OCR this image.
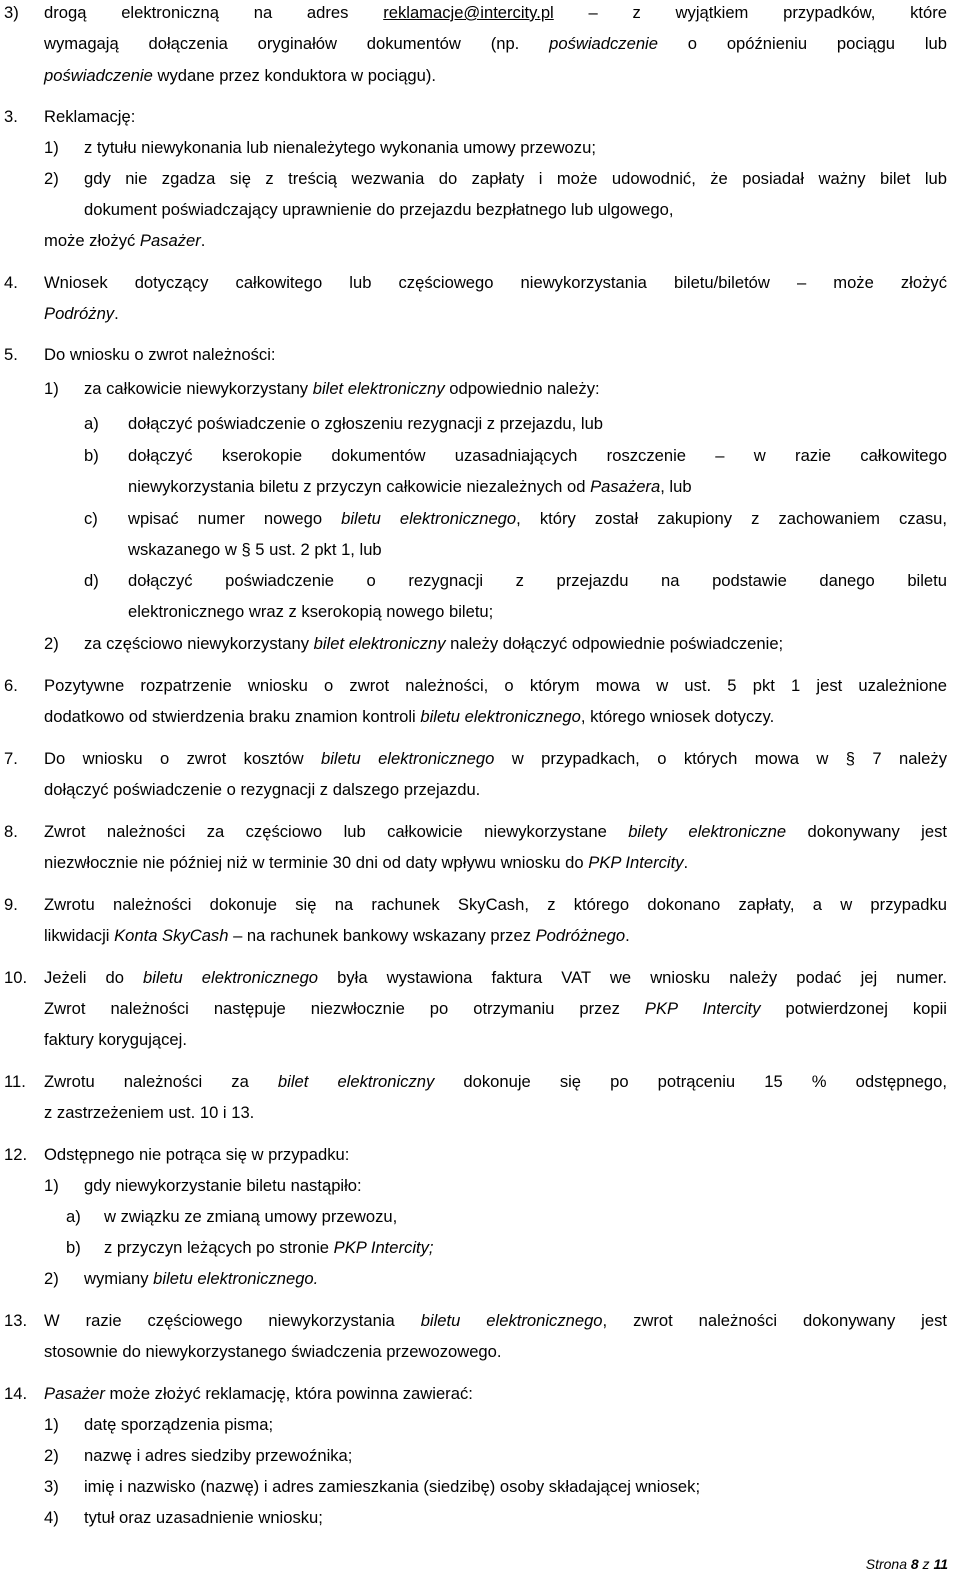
3) drogą elektroniczną na adres reklamacje@intercity.pl – z wyjątkiem przypadków, które
wymagają dołączenia oryginałów dokumentów (np. poświadczenie o opóźnieniu pociągu lub
poświadczenie wydane przez konduktora w pociągu).
3. Reklamację:
1) z tytułu niewykonania lub nienależytego wykonania umowy przewozu;
2) gdy nie zgadza się z treścią wezwania do zapłaty i może udowodnić, że posiadał ważny bilet lub
dokument poświadczający uprawnienie do przejazdu bezpłatnego lub ulgowego,
może złożyć Pasażer.
4. Wniosek dotyczący całkowitego lub częściowego niewykorzystania biletu/biletów – może złożyć
Podróżny.
5. Do wniosku o zwrot należności:
1) za całkowicie niewykorzystany bilet elektroniczny odpowiednio należy:
a) dołączyć poświadczenie o zgłoszeniu rezygnacji z przejazdu, lub
b) dołączyć kserokopie dokumentów uzasadniających roszczenie – w razie całkowitego
niewykorzystania biletu z przyczyn całkowicie niezależnych od Pasażera, lub
c) wpisać numer nowego biletu elektronicznego, który został zakupiony z zachowaniem czasu,
wskazanego w § 5 ust. 2 pkt 1, lub
d) dołączyć poświadczenie o rezygnacji z przejazdu na podstawie danego biletu
elektronicznego wraz z kserokopią nowego biletu;
2) za częściowo niewykorzystany bilet elektroniczny należy dołączyć odpowiednie poświadczenie;
6. Pozytywne rozpatrzenie wniosku o zwrot należności, o którym mowa w ust. 5 pkt 1 jest uzależnione
dodatkowo od stwierdzenia braku znamion kontroli biletu elektronicznego, którego wniosek dotyczy.
7. Do wniosku o zwrot kosztów biletu elektronicznego w przypadkach, o których mowa w § 7 należy
dołączyć poświadczenie o rezygnacji z dalszego przejazdu.
8. Zwrot należności za częściowo lub całkowicie niewykorzystane bilety elektroniczne dokonywany jest
niezwłocznie nie później niż w terminie 30 dni od daty wpływu wniosku do PKP Intercity.
9. Zwrotu należności dokonuje się na rachunek SkyCash, z którego dokonano zapłaty, a w przypadku
likwidacji Konta SkyCash – na rachunek bankowy wskazany przez Podróżnego.
10. Jeżeli do biletu elektronicznego była wystawiona faktura VAT we wniosku należy podać jej numer.
Zwrot należności następuje niezwłocznie po otrzymaniu przez PKP Intercity potwierdzonej kopii
faktury korygującej.
11. Zwrotu należności za bilet elektroniczny dokonuje się po potrąceniu 15 % odstępnego,
z zastrzeżeniem ust. 10 i 13.
12. Odstępnego nie potrąca się w przypadku:
1) gdy niewykorzystanie biletu nastąpiło:
a) w związku ze zmianą umowy przewozu,
b) z przyczyn leżących po stronie PKP Intercity;
2) wymiany biletu elektronicznego.
13. W razie częściowego niewykorzystania biletu elektronicznego, zwrot należności dokonywany jest
stosownie do niewykorzystanego świadczenia przewozowego.
14. Pasażer może złożyć reklamację, która powinna zawierać:
1) datę sporządzenia pisma;
2) nazwę i adres siedziby przewoźnika;
3) imię i nazwisko (nazwę) i adres zamieszkania (siedzibę) osoby składającej wniosek;
4) tytuł oraz uzasadnienie wniosku;
Strona 8 z 11
